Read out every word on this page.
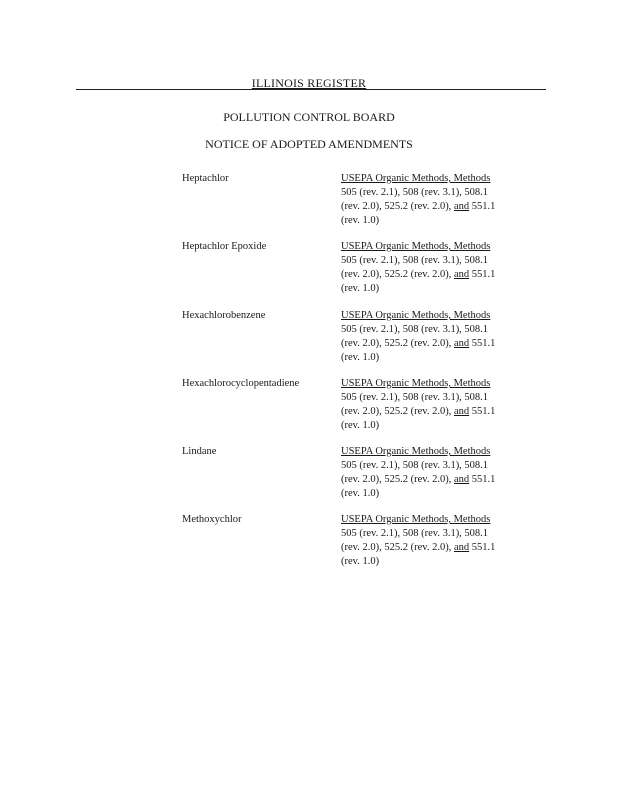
ILLINOIS REGISTER
POLLUTION CONTROL BOARD
NOTICE OF ADOPTED AMENDMENTS
Heptachlor	USEPA Organic Methods, Methods
505 (rev. 2.1), 508 (rev. 3.1), 508.1
(rev. 2.0), 525.2 (rev. 2.0), and 551.1
(rev. 1.0)
Heptachlor Epoxide	USEPA Organic Methods, Methods
505 (rev. 2.1), 508 (rev. 3.1), 508.1
(rev. 2.0), 525.2 (rev. 2.0), and 551.1
(rev. 1.0)
Hexachlorobenzene	USEPA Organic Methods, Methods
505 (rev. 2.1), 508 (rev. 3.1), 508.1
(rev. 2.0), 525.2 (rev. 2.0), and 551.1
(rev. 1.0)
Hexachlorocyclopentadiene	USEPA Organic Methods, Methods
505 (rev. 2.1), 508 (rev. 3.1), 508.1
(rev. 2.0), 525.2 (rev. 2.0), and 551.1
(rev. 1.0)
Lindane	USEPA Organic Methods, Methods
505 (rev. 2.1), 508 (rev. 3.1), 508.1
(rev. 2.0), 525.2 (rev. 2.0), and 551.1
(rev. 1.0)
Methoxychlor	USEPA Organic Methods, Methods
505 (rev. 2.1), 508 (rev. 3.1), 508.1
(rev. 2.0), 525.2 (rev. 2.0), and 551.1
(rev. 1.0)
